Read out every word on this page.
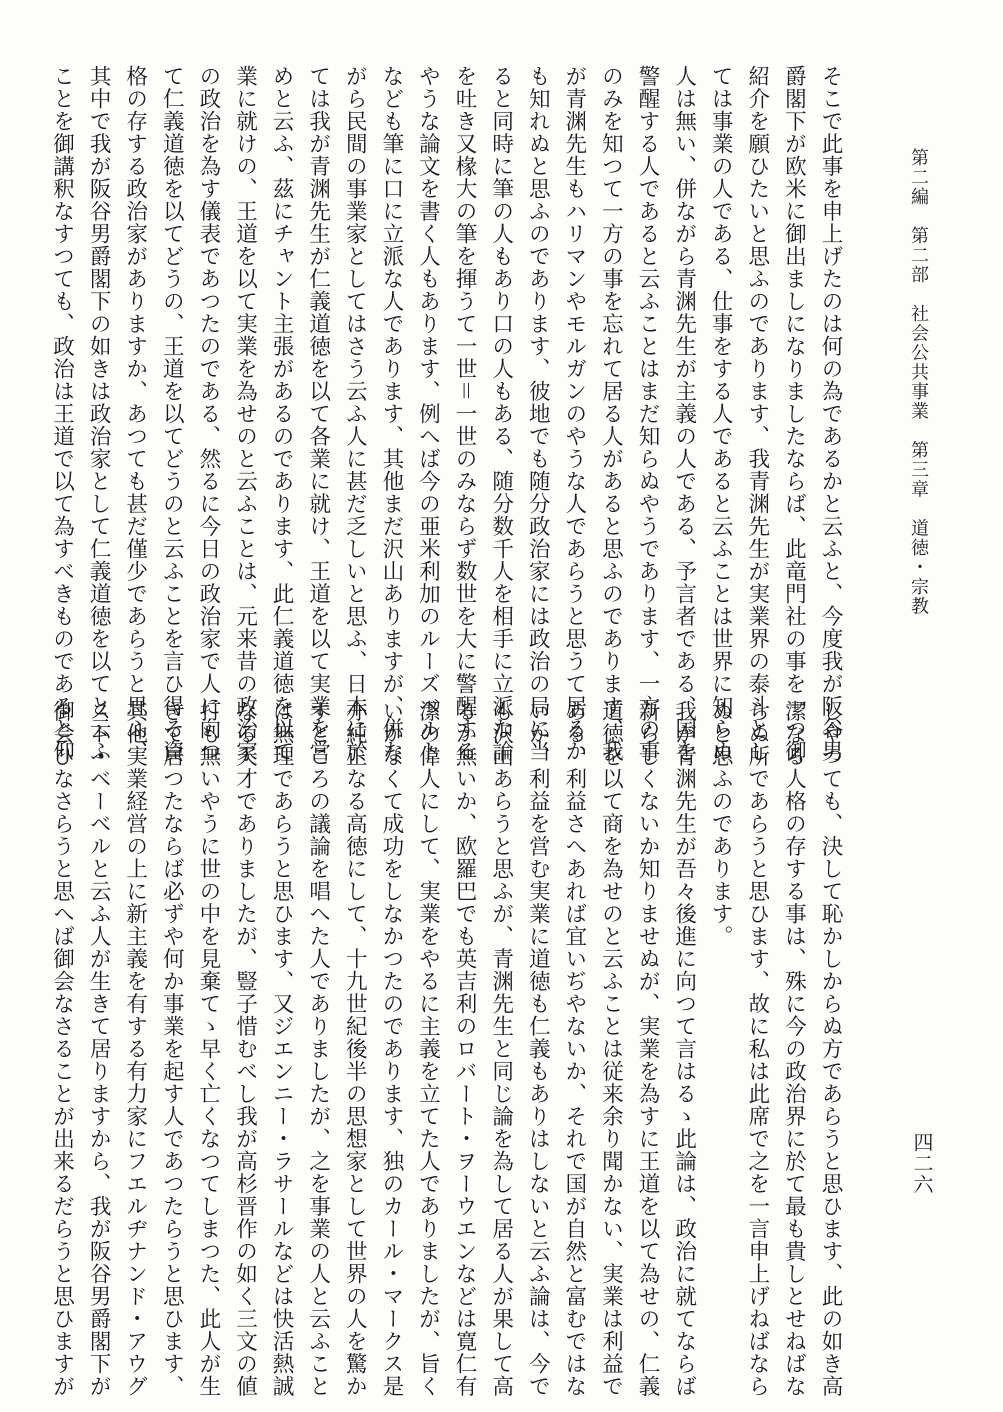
第二編　第二部　社会公共事業　第三章　道徳・宗教
四二六
そこで此事を申上げたのは何の為であるかと云ふと、今度我が阪谷男
爵閣下が欧米に御出ましになりましたならば、此竜門社の事を一つ御
紹介を願ひたいと思ふのであります、我青渊先生が実業界の泰斗とし
ては事業の人である、仕事をする人であると云ふことは世界に知らぬ
人は無い、併ながら青渊先生が主義の人である、予言者である、国を
警醒する人であると云ふことはまだ知らぬやうであります、一方の事
のみを知つて一方の事を忘れて居る人があると思ふのであります、我
が青渊先生もハリマンやモルガンのやうな人であらうと思うて居るか
も知れぬと思ふのであります、彼地でも随分政治家には政治の局に当
ると同時に筆の人もあり口の人もある、随分数千人を相手に立派な論
を吐き又椽大の筆を揮うて一世＝一世のみならず数世を大に警醒する
やうな論文を書く人もあります、例へば今の亜米利加のルーズベルト
なども筆に口に立派な人であります、其他まだ沢山ありますが、併な
がら民間の事業家としてはさう云ふ人に甚だ乏しいと思ふ、日本に於
ては我が青渊先生が仁義道徳を以て各業に就け、王道を以て実業を営
めと云ふ、茲にチャント主張があるのであります、此仁義道徳を以て
業に就けの、王道を以て実業を為せのと云ふことは、元来昔の政治家
の政治を為す儀表であつたのである、然るに今日の政治家で人に向つ
て仁義道徳を以てどうの、王道を以てどうのと云ふことを言ひ得る資
格の存する政治家がありますか、あつても甚だ僅少であらうと思ふ、
其中で我が阪谷男爵閣下の如きは政治家として仁義道徳を以てと云ふ
ことを御講釈なすつても、政治は王道で以て為すべきものであると仰
しやつても、決して恥かしからぬ方であらうと思ひます、此の如き高
潔なる人格の存する事は、殊に今の政治界に於て最も貴しとせねばな
らぬ所であらうと思ひます、故に私は此席で之を一言申上げねばなら
ぬと思ふのであります。
我が青渊先生が吾々後進に向つて言はるゝ此論は、政治に就てならば
新らしくないか知りませぬが、実業を為すに王道を以て為せの、仁義
道徳を以て商を為せのと云ふことは従来余り聞かない、実業は利益で
ある、利益さへあれば宜いぢやないか、それで国が自然と富むではな
いか、利益を営む実業に道徳も仁義もありはしないと云ふ論は、今で
も沢山あらうと思ふが、青渊先生と同じ論を為して居る人が果して高
るか無いか、欧羅巴でも英吉利のロバート・ヲーウエンなどは寛仁有
潔の偉人にして、実業をやるに主義を立てた人でありましたが、旨く
いかなくて成功をしなかつたのであります、独のカール・マークス是
亦純正なる高徳にして、十九世紀後半の思想家として世界の人を驚か
すところの議論を唱へた人でありましたが、之を事業の人と云ふこと
は無理であらうと思ひます、又ジエンニー・ラサールなどは快活熱誠
なる天才でありましたが、豎子惜むべし我が高杉晋作の如く三文の値
打も無いやうに世の中を見棄てゝ早く亡くなつてしまつた、此人が生
きて居つたならば必ずや何か事業を起す人であつたらうと思ひます、
其他実業経営の上に新主義を有する有力家にフエルヂナンド・アウグ
スト・ベーベルと云ふ人が生きて居りますから、我が阪谷男爵閣下が
御会ひなさらうと思へば御会なさることが出来るだらうと思ひますが
